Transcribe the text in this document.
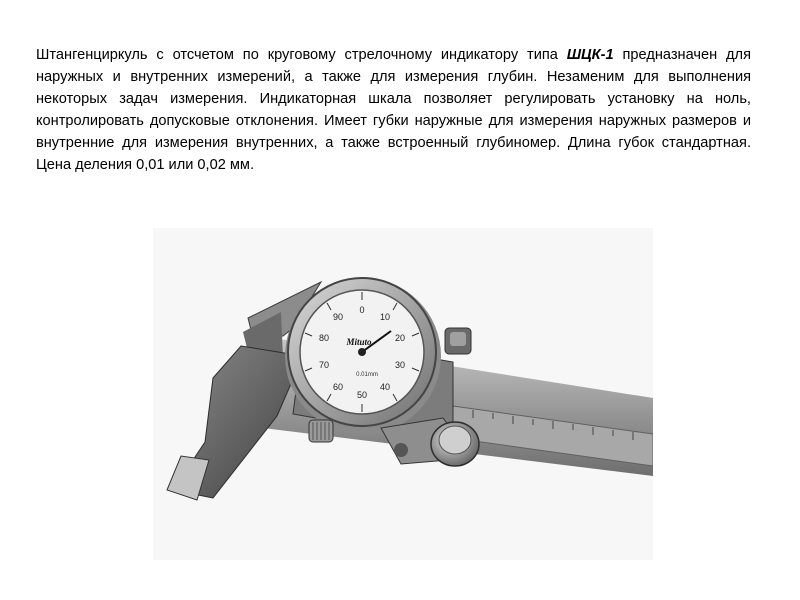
Штангенциркуль с отсчетом по круговому стрелочному индикатору типа ШЦК-1 предназначен для наружных и внутренних измерений, а также для измерения глубин. Незаменим для выполнения некоторых задач измерения. Индикаторная шкала позволяет регулировать установку на ноль, контролировать допусковые отклонения. Имеет губки наружные для измерения наружных размеров и внутренние для измерения внутренних, а также встроенный глубиномер. Длина губок стандартная. Цена деления 0,01 или 0,02 мм.
0
10
20
30
40
50
60
70
80
90
Mituto
0.01mm
